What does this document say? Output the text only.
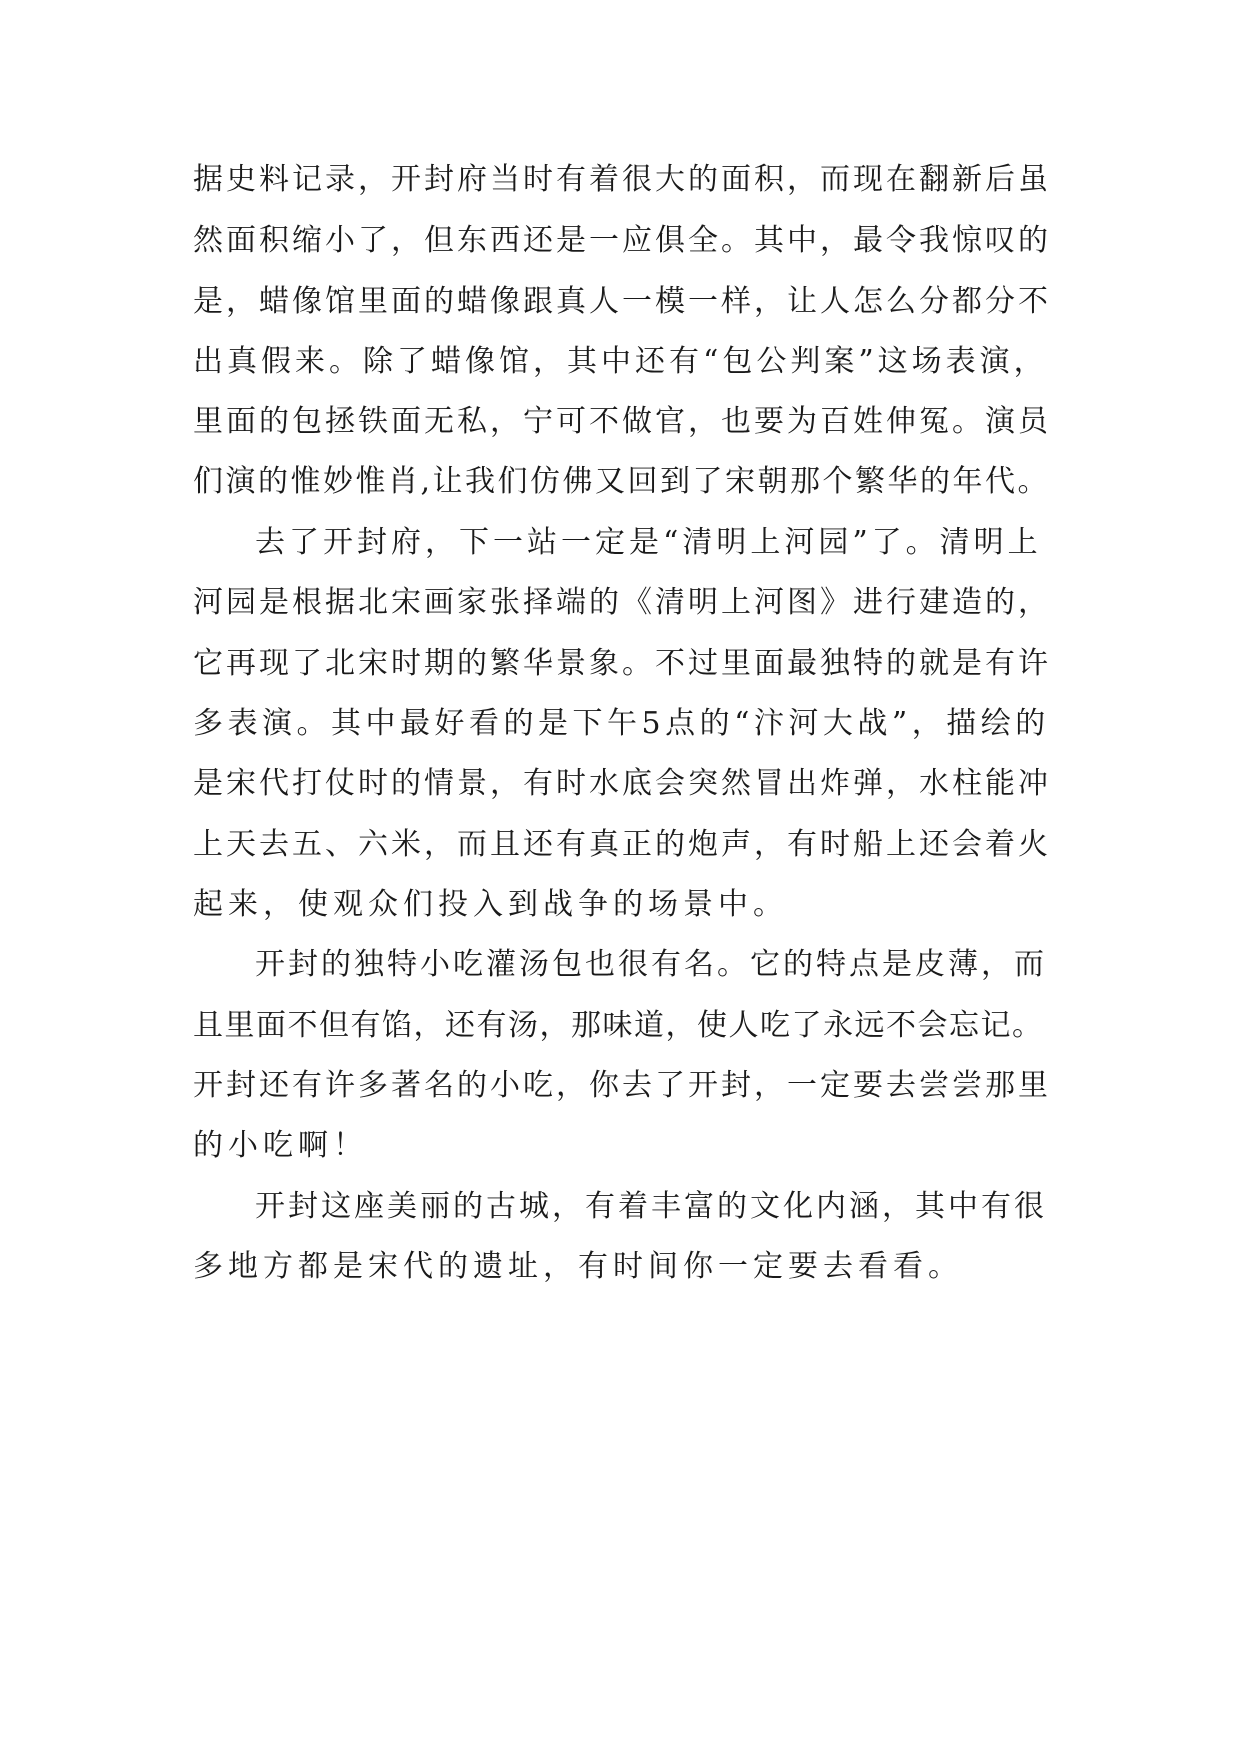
据史料记录，开封府当时有着很大的面积，而现在翻新后虽
然面积缩小了，但东西还是一应俱全。其中，最令我惊叹的
是，蜡像馆里面的蜡像跟真人一模一样，让人怎么分都分不
出真假来。除了蜡像馆，其中还有“包公判案”这场表演，
里面的包拯铁面无私，宁可不做官，也要为百姓伸冤。演员
们演的惟妙惟肖,让我们仿佛又回到了宋朝那个繁华的年代。
去了开封府，下一站一定是“清明上河园”了。清明上
河园是根据北宋画家张择端的《清明上河图》进行建造的，
它再现了北宋时期的繁华景象。不过里面最独特的就是有许
多表演。其中最好看的是下午5点的“汴河大战”，描绘的
是宋代打仗时的情景，有时水底会突然冒出炸弹，水柱能冲
上天去五、六米，而且还有真正的炮声，有时船上还会着火
起来，使观众们投入到战争的场景中。
开封的独特小吃灌汤包也很有名。它的特点是皮薄，而
且里面不但有馅，还有汤，那味道，使人吃了永远不会忘记。
开封还有许多著名的小吃，你去了开封，一定要去尝尝那里
的小吃啊！
开封这座美丽的古城，有着丰富的文化内涵，其中有很
多地方都是宋代的遗址，有时间你一定要去看看。
